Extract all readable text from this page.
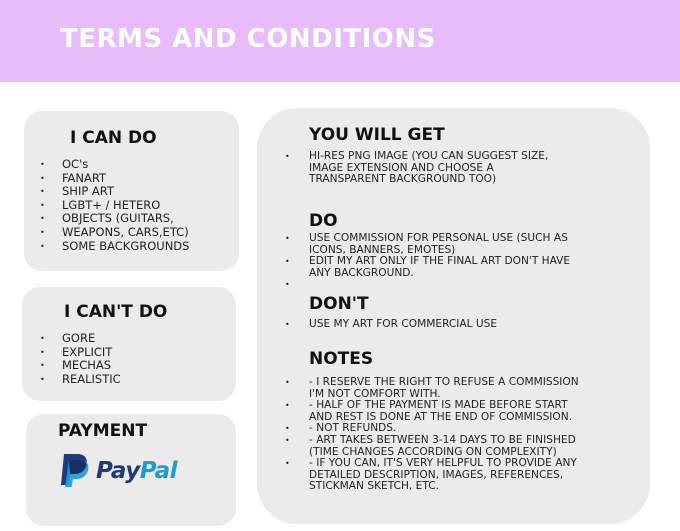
TERMS AND CONDITIONS
I CAN DO
• OC's
• FANART
• SHIP ART
• LGBT+ / HETERO
• OBJECTS (GUITARS,
• WEAPONS, CARS,ETC)
• SOME BACKGROUNDS
I CAN'T DO
• GORE
• EXPLICIT
• MECHAS
• REALISTIC
PAYMENT
PayPal
YOU WILL GET
• HI-RES PNG IMAGE (YOU CAN SUGGEST SIZE,
IMAGE EXTENSION AND CHOOSE A
TRANSPARENT BACKGROUND TOO)
DO
• USE COMMISSION FOR PERSONAL USE (SUCH AS
ICONS, BANNERS, EMOTES)
• EDIT MY ART ONLY IF THE FINAL ART DON'T HAVE
ANY BACKGROUND.
•
DON'T
• USE MY ART FOR COMMERCIAL USE
NOTES
• - I RESERVE THE RIGHT TO REFUSE A COMMISSION
I'M NOT COMFORT WITH.
• - HALF OF THE PAYMENT IS MADE BEFORE START
AND REST IS DONE AT THE END OF COMMISSION.
• - NOT REFUNDS.
• - ART TAKES BETWEEN 3-14 DAYS TO BE FINISHED
(TIME CHANGES ACCORDING ON COMPLEXITY)
• - IF YOU CAN, IT'S VERY HELPFUL TO PROVIDE ANY
DETAILED DESCRIPTION, IMAGES, REFERENCES,
STICKMAN SKETCH, ETC.
